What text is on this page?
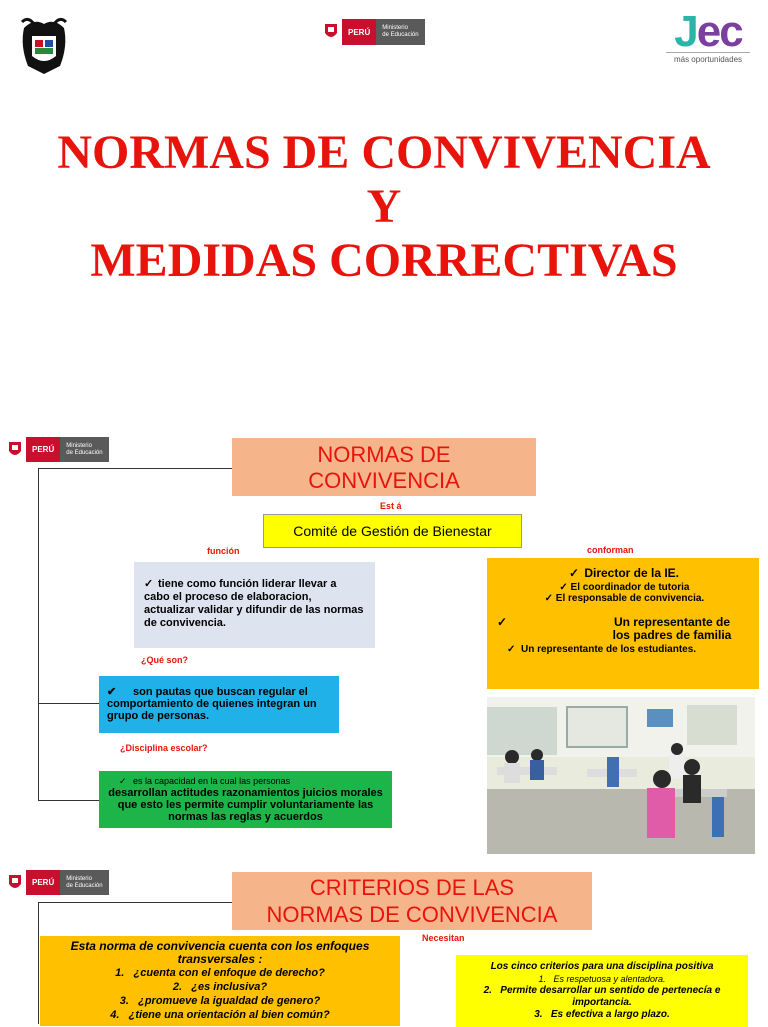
PERÚ	Ministerio
de Educación	Jec
más oportunidades
NORMAS DE CONVIVENCIA
Y
MEDIDAS CORRECTIVAS
PERÚ	Ministerio
de Educación	NORMAS DE
CONVIVENCIA
Est á
Comité de Gestión de Bienestar
función	conforman
✓ tiene como función liderar llevar a cabo el proceso de elaboracion, actualizar validar y difundir de las normas de convivencia.
✓ Director de la IE.
✓ El coordinador de tutoria
✓ El responsable de convivencia.
✓	Un representante de los padres de familia
✓ Un representante de los estudiantes.
¿Qué son?
✔ son pautas que buscan regular el comportamiento de quienes integran un grupo de personas.
¿Disciplina escolar?
✓ es la capacidad en la cual las personas
desarrollan actitudes razonamientos juicios morales que esto les permite cumplir voluntariamente las normas las reglas y acuerdos
PERÚ	Ministerio
de Educación	CRITERIOS DE LAS
NORMAS DE CONVIVENCIA
Necesitan
Esta norma de convivencia cuenta con los enfoques transversales :
1.   ¿cuenta con el enfoque de derecho?
2.   ¿es inclusiva?
3.   ¿promueve la igualdad de genero?
4.   ¿tiene una orientación al bien común?
Los cinco criterios para una disciplina positiva
1.   Es respetuosa y alentadora.
2.   Permite desarrollar un sentido de pertenecía e importancia.
3.   Es efectiva a largo plazo.
